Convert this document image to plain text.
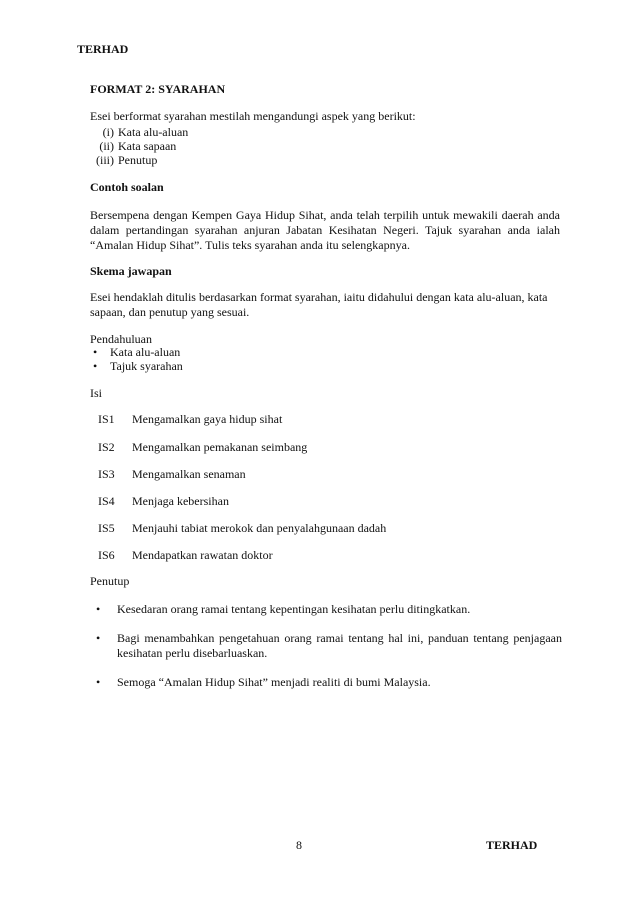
TERHAD
FORMAT 2: SYARAHAN
Esei berformat syarahan mestilah mengandungi aspek yang berikut:
(i) Kata alu-aluan
(ii) Kata sapaan
(iii) Penutup
Contoh soalan
Bersempena dengan Kempen Gaya Hidup Sihat, anda telah terpilih untuk mewakili daerah anda dalam pertandingan syarahan anjuran Jabatan Kesihatan Negeri. Tajuk syarahan anda ialah “Amalan Hidup Sihat”. Tulis teks syarahan anda itu selengkapnya.
Skema jawapan
Esei hendaklah ditulis berdasarkan format syarahan, iaitu didahului dengan kata alu-aluan, kata sapaan, dan penutup yang sesuai.
Pendahuluan
• Kata alu-aluan
• Tajuk syarahan
Isi
IS1 Mengamalkan gaya hidup sihat
IS2 Mengamalkan pemakanan seimbang
IS3 Mengamalkan senaman
IS4 Menjaga kebersihan
IS5 Menjauhi tabiat merokok dan penyalahgunaan dadah
IS6 Mendapatkan rawatan doktor
Penutup
• Kesedaran orang ramai tentang kepentingan kesihatan perlu ditingkatkan.
• Bagi menambahkan pengetahuan orang ramai tentang hal ini, panduan tentang penjagaan kesihatan perlu disebarluaskan.
• Semoga “Amalan Hidup Sihat” menjadi realiti di bumi Malaysia.
8	TERHAD
